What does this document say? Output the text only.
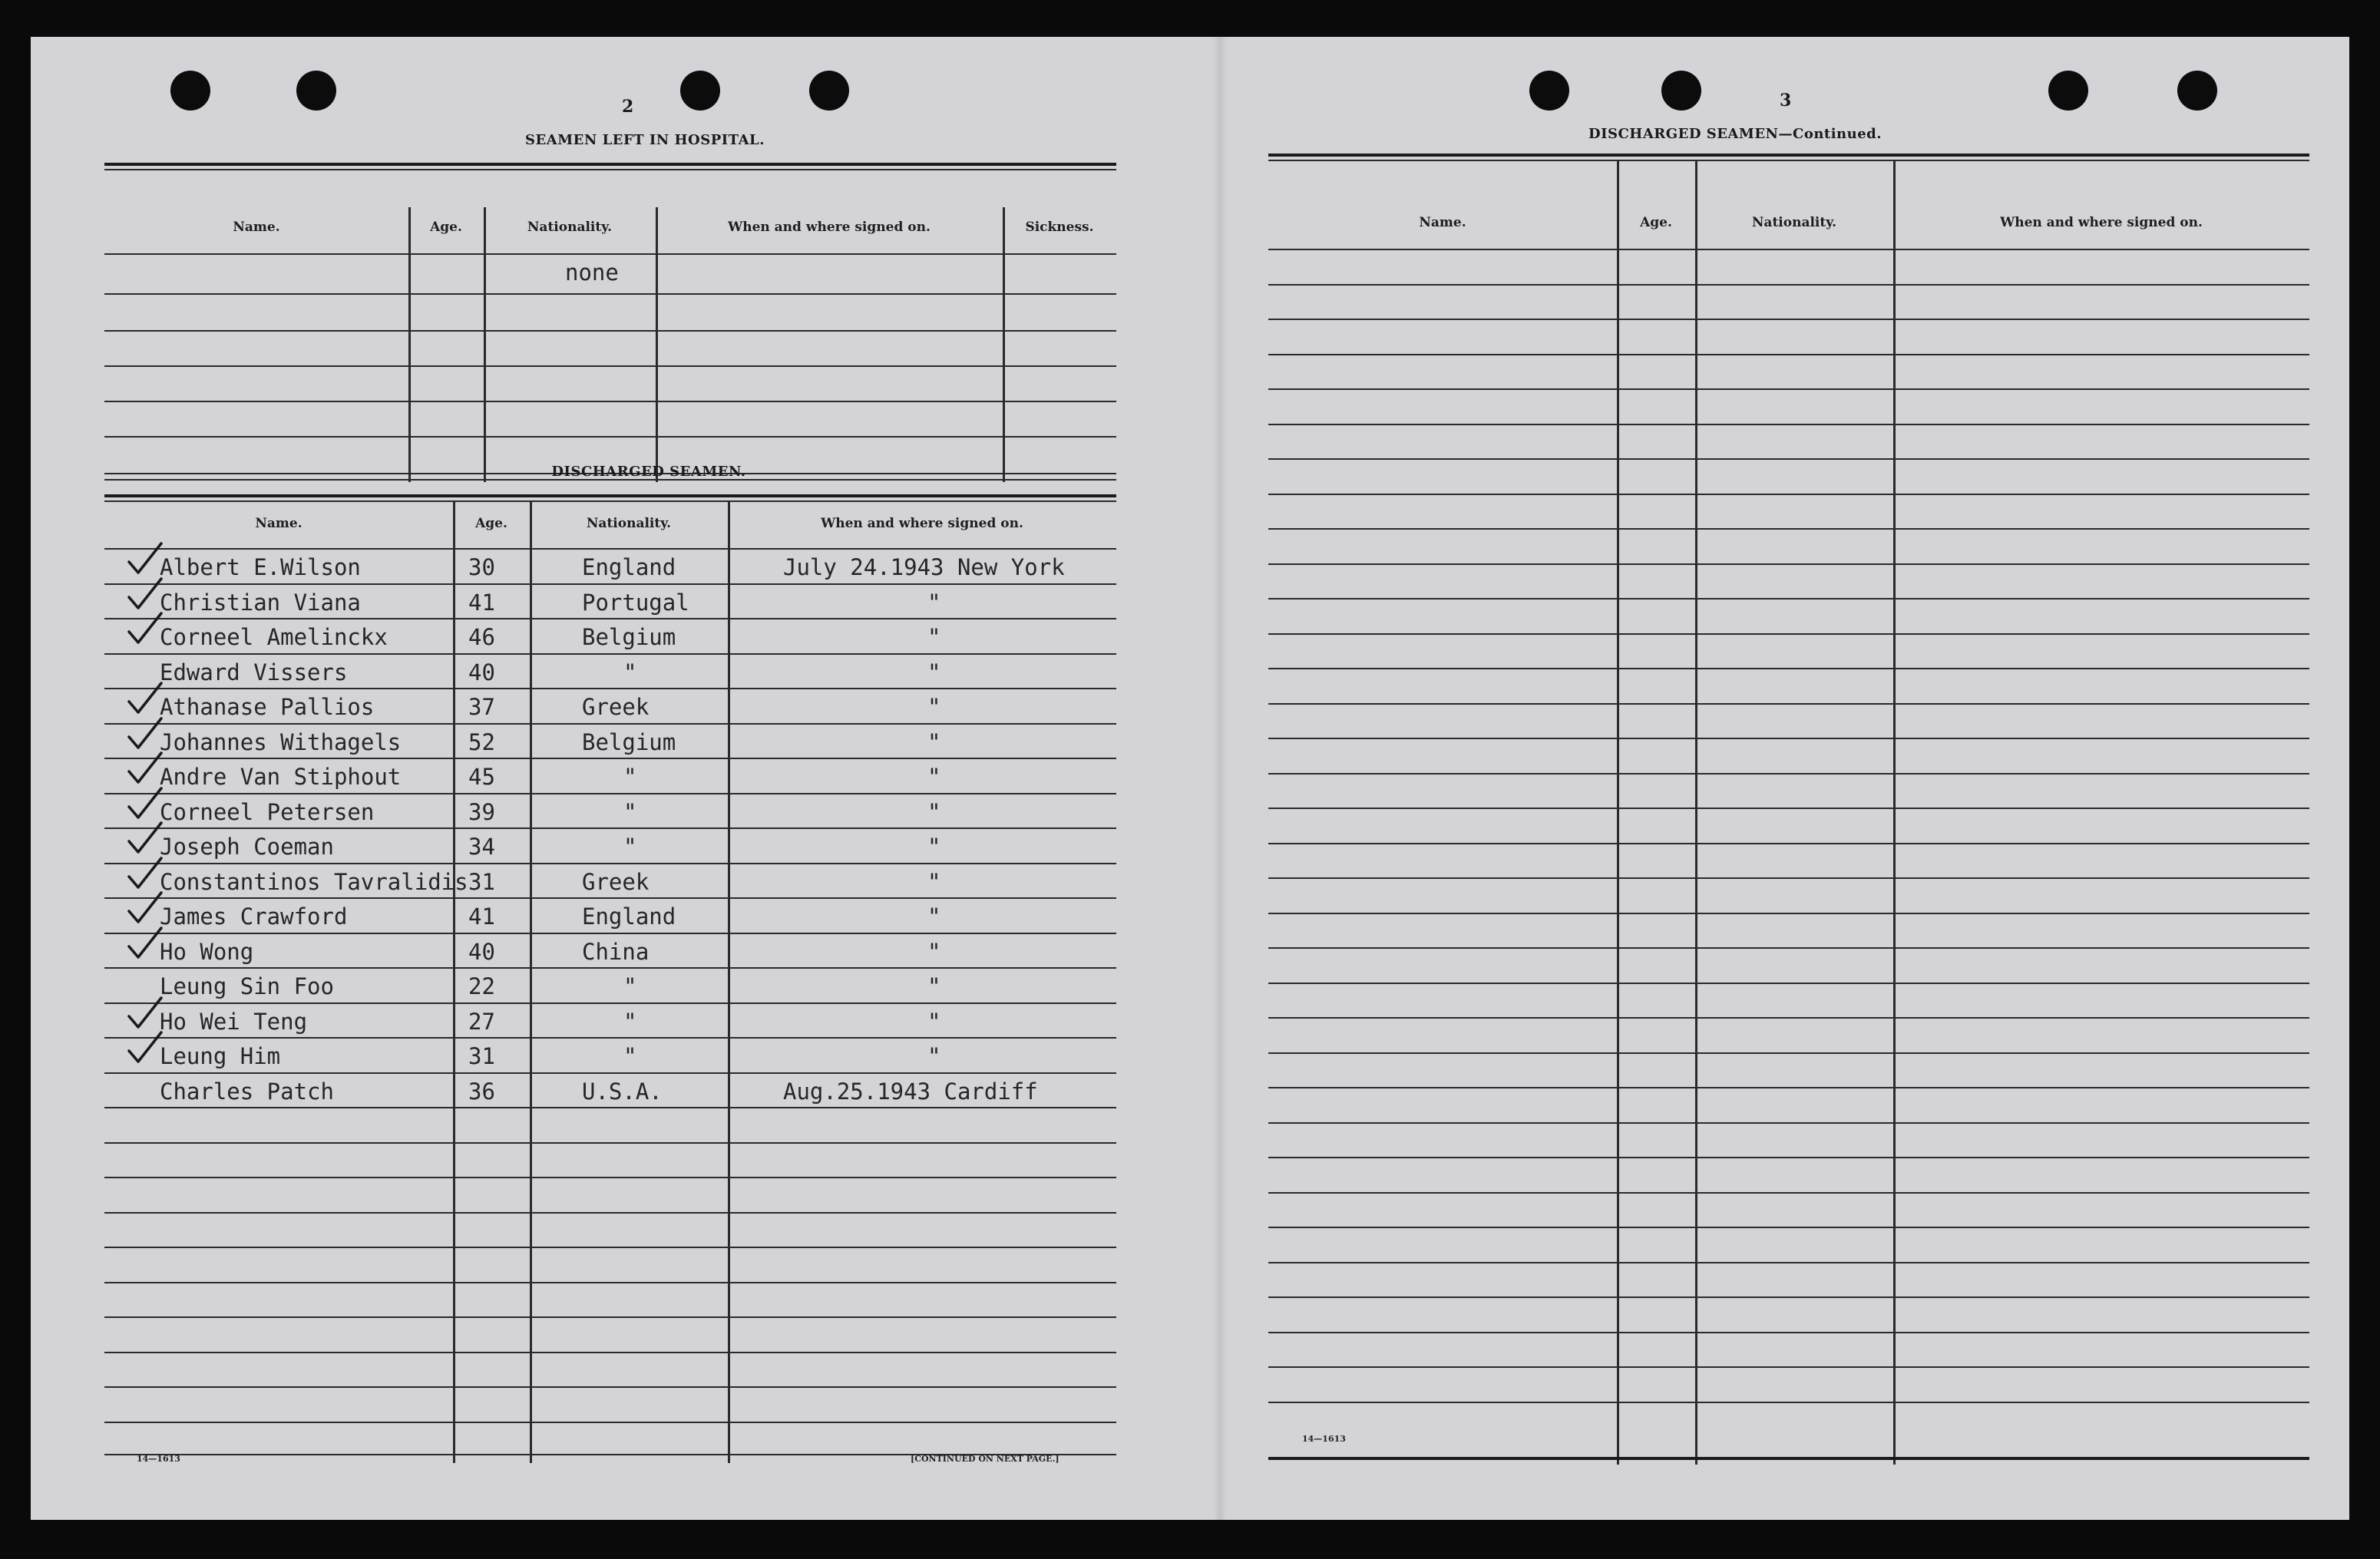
2
SEAMEN LEFT IN HOSPITAL.
Name.	Age.	Nationality.	When and where signed on.	Sickness.
none
DISCHARGED SEAMEN.
Name.	Age.	Nationality.	When and where signed on.
Albert E.Wilson	30	England	July 24.1943 New York
Christian Viana	41	Portugal	"
Corneel Amelinckx	46	Belgium	"
Edward Vissers	40	"	"
Athanase Pallios	37	Greek	"
Johannes Withagels	52	Belgium	"
Andre Van Stiphout	45	"	"
Corneel Petersen	39	"	"
Joseph Coeman	34	"	"
Constantinos Tavralidis 31	Greek	"
James Crawford	41	England	"
Ho Wong	40	China	"
Leung Sin Foo	22	"	"
Ho Wei Teng	27	"	"
Leung Him	31	"	"
Charles Patch	36	U.S.A.	Aug.25.1943 Cardiff
14—1613	[CONTINUED ON NEXT PAGE.]
3
DISCHARGED SEAMEN—Continued.
Name.	Age.	Nationality.	When and where signed on.
14—1613
